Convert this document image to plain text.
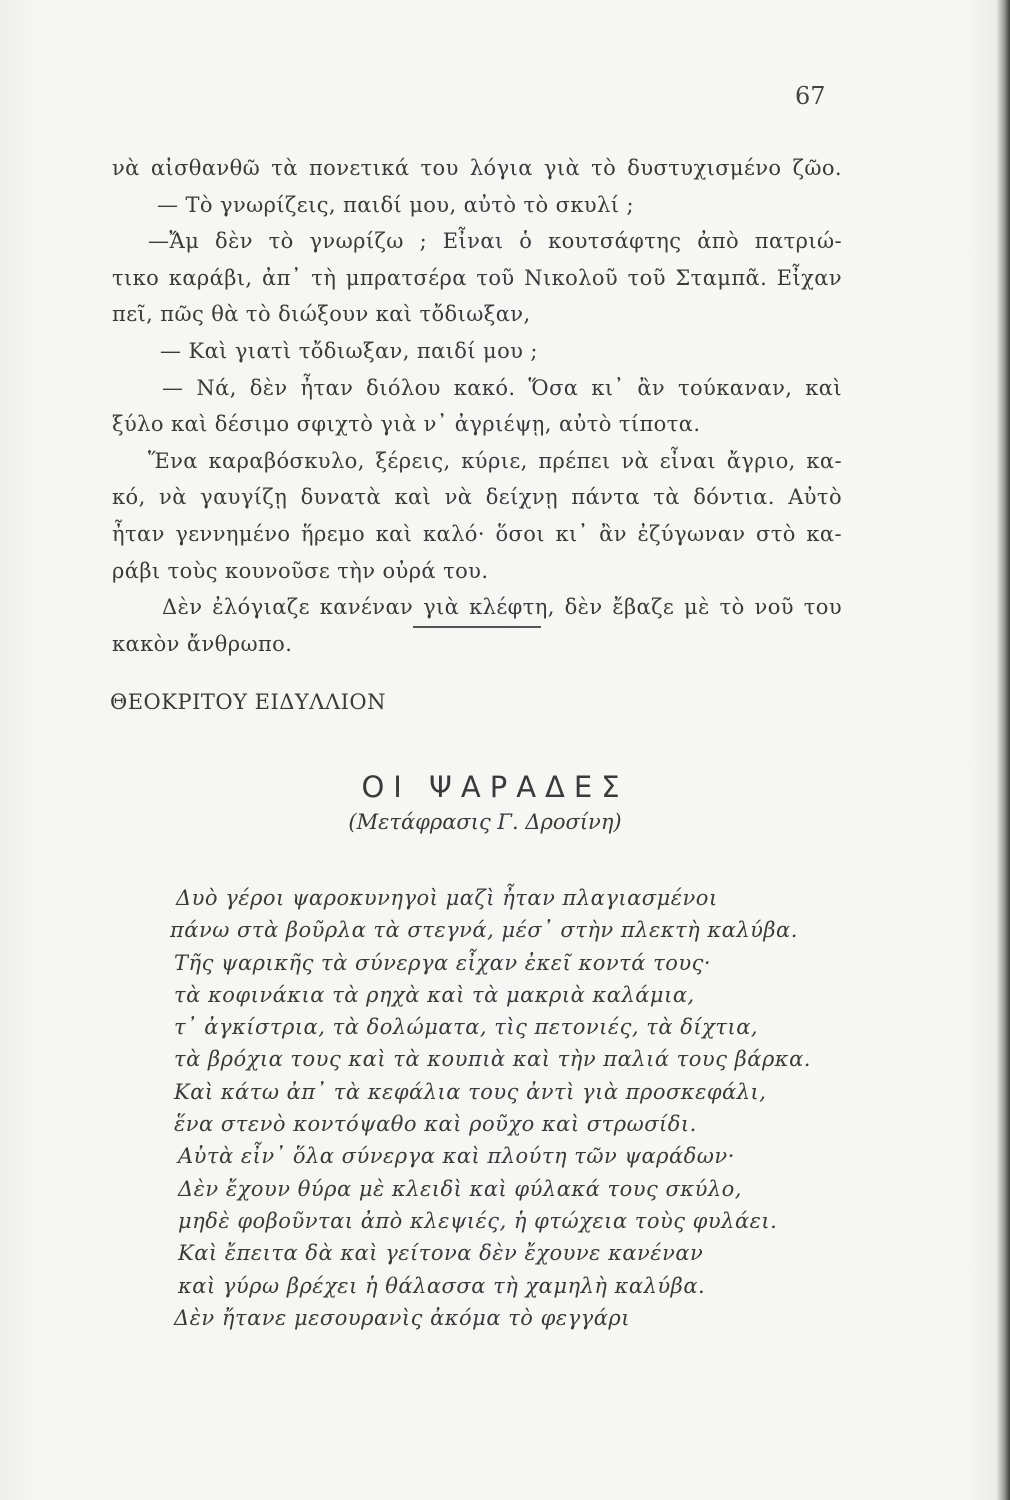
67

νὰ αἰσθανθῶ τὰ πονετικά του λόγια γιὰ τὸ δυστυχισμένο ζῶο.

— Τὸ γνωρίζεις, παιδί μου, αὐτὸ τὸ σκυλί ;

—Ἄμ δὲν τὸ γνωρίζω ; Εἶναι ὁ κουτσάφτης ἀπὸ πατριώ-

τικο καράβι, ἀπ᾿ τὴ μπρατσέρα τοῦ Νικολοῦ τοῦ Σταμπᾶ. Εἶχαν

πεῖ, πῶς θὰ τὸ διώξουν καὶ τὄδιωξαν,

— Καὶ γιατὶ τὄδιωξαν, παιδί μου ;

— Νά, δὲν ἦταν διόλου κακό. Ὅσα κι᾿ ἂν τούκαναν, καὶ

ξύλο καὶ δέσιμο σφιχτὸ γιὰ ν᾿ ἀγριέψῃ, αὐτὸ τίποτα.

Ἕνα καραβόσκυλο, ξέρεις, κύριε, πρέπει νὰ εἶναι ἄγριο, κα-

κό, νὰ γαυγίζῃ δυνατὰ καὶ νὰ δείχνῃ πάντα τὰ δόντια. Αὐτὸ

ἦταν γεννημένο ἥρεμο καὶ καλό· ὅσοι κι᾿ ἂν ἐζύγωναν στὸ κα-

ράβι τοὺς κουνοῦσε τὴν οὐρά του.

Δὲν ἐλόγιαζε κανέναν γιὰ κλέφτη, δὲν ἔβαζε μὲ τὸ νοῦ του

κακὸν ἄνθρωπο.

ΘΕΟΚΡΙΤΟΥ ΕΙΔΥΛΛΙΟΝ
ΟΙ ΨΑΡΑΔΕΣ
(Μετάφρασις Γ. Δροσίνη)
Δυὸ γέροι ψαροκυνηγοὶ μαζὶ ἦταν πλαγιασμένοι
πάνω στὰ βοῦρλα τὰ στεγνά, μέσ᾿ στὴν πλεκτὴ καλύβα.
Τῆς ψαρικῆς τὰ σύνεργα εἶχαν ἐκεῖ κοντά τους·
τὰ κοφινάκια τὰ ρηχὰ καὶ τὰ μακριὰ καλάμια,
τ᾿ ἀγκίστρια, τὰ δολώματα, τὶς πετονιές, τὰ δίχτια,
τὰ βρόχια τους καὶ τὰ κουπιὰ καὶ τὴν παλιά τους βάρκα.
Καὶ κάτω ἀπ᾿ τὰ κεφάλια τους ἀντὶ γιὰ προσκεφάλι,
ἕνα στενὸ κοντόψαθο καὶ ροῦχο καὶ στρωσίδι.
Αὐτὰ εἶν᾿ ὅλα σύνεργα καὶ πλούτη τῶν ψαράδων·
Δὲν ἔχουν θύρα μὲ κλειδὶ καὶ φύλακά τους σκύλο,
μηδὲ φοβοῦνται ἀπὸ κλεψιές, ἡ φτώχεια τοὺς φυλάει.
Καὶ ἔπειτα δὰ καὶ γείτονα δὲν ἔχουνε κανέναν
καὶ γύρω βρέχει ἡ θάλασσα τὴ χαμηλὴ καλύβα.
Δὲν ἤτανε μεσουρανὶς ἀκόμα τὸ φεγγάρι
